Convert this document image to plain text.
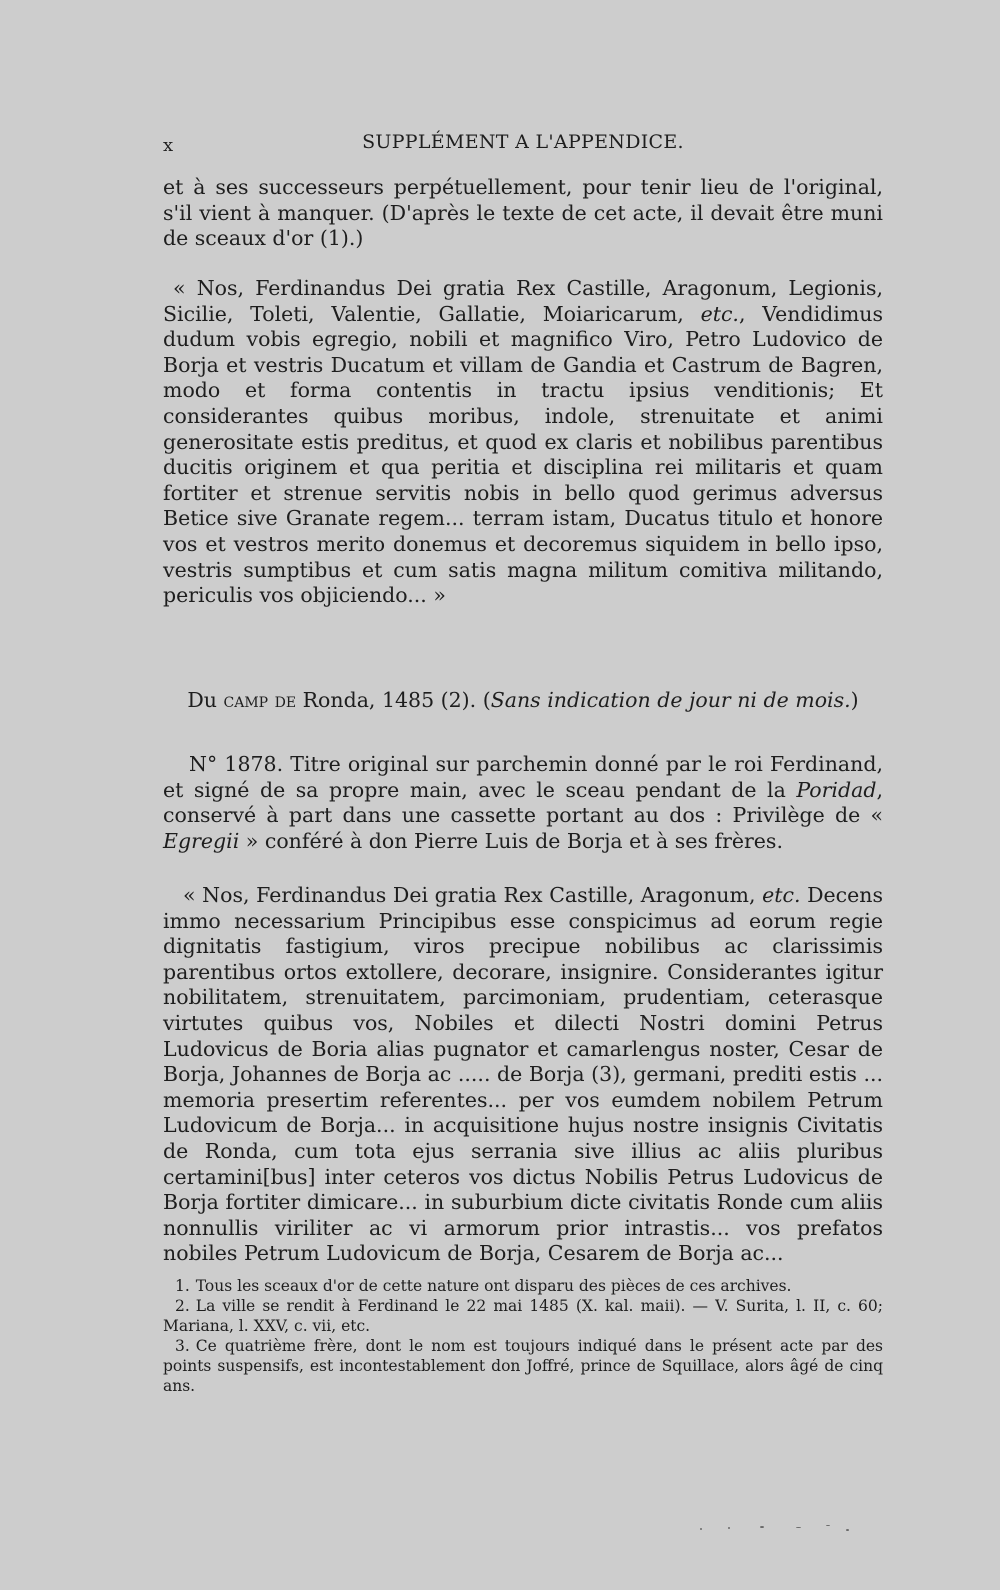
x	SUPPLÉMENT A L'APPENDICE.

et à ses successeurs perpétuellement, pour tenir lieu de l'original, s'il vient à manquer. (D'après le texte de cet acte, il devait être muni de sceaux d'or (1).)

« Nos, Ferdinandus Dei gratia Rex Castille, Aragonum, Legionis, Sicilie, Toleti, Valentie, Gallatie, Moiaricarum, etc., Vendidimus dudum vobis egregio, nobili et magnifico Viro, Petro Ludovico de Borja et vestris Ducatum et villam de Gandia et Castrum de Bagren, modo et forma contentis in tractu ipsius venditionis; Et considerantes quibus moribus, indole, strenuitate et animi generositate estis preditus, et quod ex claris et nobilibus parentibus ducitis originem et qua peritia et disciplina rei militaris et quam fortiter et strenue servitis nobis in bello quod gerimus adversus Betice sive Granate regem... terram istam, Ducatus titulo et honore vos et vestros merito donemus et decoremus siquidem in bello ipso, vestris sumptibus et cum satis magna militum comitiva militando, periculis vos objiciendo... »

Du camp de Ronda, 1485 (2). (Sans indication de jour ni de mois.)

N° 1878. Titre original sur parchemin donné par le roi Ferdinand, et signé de sa propre main, avec le sceau pendant de la Poridad, conservé à part dans une cassette portant au dos : Privilège de « Egregii » conféré à don Pierre Luis de Borja et à ses frères.

« Nos, Ferdinandus Dei gratia Rex Castille, Aragonum, etc. Decens immo necessarium Principibus esse conspicimus ad eorum regie dignitatis fastigium, viros precipue nobilibus ac clarissimis parentibus ortos extollere, decorare, insignire. Considerantes igitur nobilitatem, strenuitatem, parcimoniam, prudentiam, ceterasque virtutes quibus vos, Nobiles et dilecti Nostri domini Petrus Ludovicus de Boria alias pugnator et camarlengus noster, Cesar de Borja, Johannes de Borja ac ..... de Borja (3), germani, prediti estis ... memoria presertim referentes... per vos eumdem nobilem Petrum Ludovicum de Borja... in acquisitione hujus nostre insignis Civitatis de Ronda, cum tota ejus serrania sive illius ac aliis pluribus certamini[bus] inter ceteros vos dictus Nobilis Petrus Ludovicus de Borja fortiter dimicare... in suburbium dicte civitatis Ronde cum aliis nonnullis viriliter ac vi armorum prior intrastis... vos prefatos nobiles Petrum Ludovicum de Borja, Cesarem de Borja ac...

1. Tous les sceaux d'or de cette nature ont disparu des pièces de ces archives.

2. La ville se rendit à Ferdinand le 22 mai 1485 (X. kal. maii). — V. Surita, l. II, c. 60; Mariana, l. XXV, c. vii, etc.

3. Ce quatrième frère, dont le nom est toujours indiqué dans le présent acte par des points suspensifs, est incontestablement don Joffré, prince de Squillace, alors âgé de cinq ans.
